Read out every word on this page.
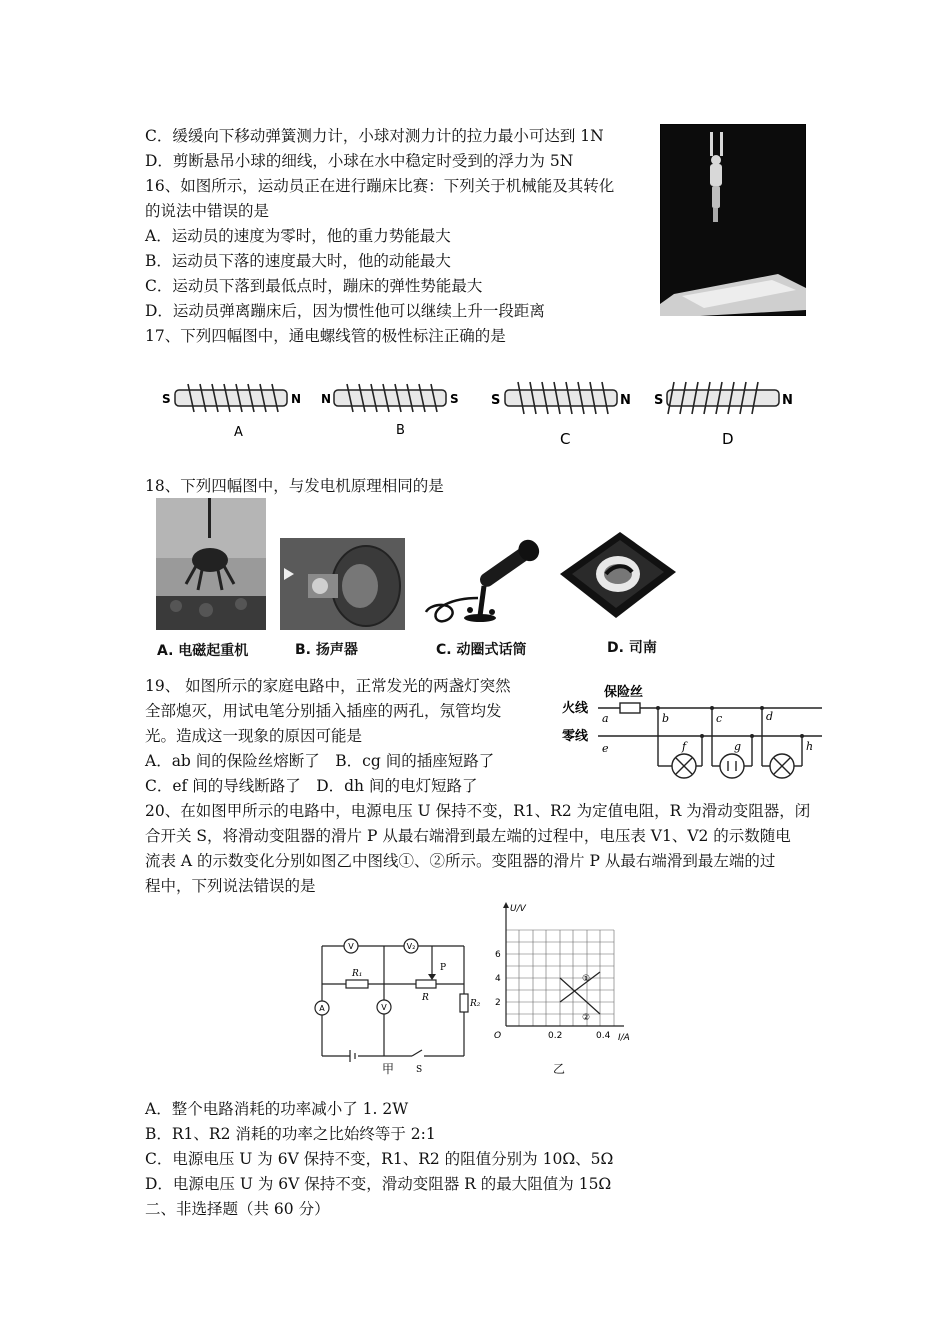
C．缓缓向下移动弹簧测力计，小球对测力计的拉力最小可达到 1N
D．剪断悬吊小球的细线，小球在水中稳定时受到的浮力为 5N
16、如图所示，运动员正在进行蹦床比赛：下列关于机械能及其转化
的说法中错误的是
A．运动员的速度为零时，他的重力势能最大
B．运动员下落的速度最大时，他的动能最大
C．运动员下落到最低点时，蹦床的弹性势能最大
D．运动员弹离蹦床后，因为惯性他可以继续上升一段距离
17、下列四幅图中，通电螺线管的极性标注正确的是
18、下列四幅图中，与发电机原理相同的是
19、 如图所示的家庭电路中，正常发光的两盏灯突然
全部熄灭，用试电笔分别插入插座的两孔，氖管均发
光。造成这一现象的原因可能是
A．ab 间的保险丝熔断了　B．cg 间的插座短路了
C．ef 间的导线断路了　D．dh 间的电灯短路了
20、在如图甲所示的电路中，电源电压 U 保持不变，R1、R2 为定值电阻，R 为滑动变阻器，闭
合开关 S，将滑动变阻器的滑片 P 从最右端滑到最左端的过程中，电压表 V1、V2 的示数随电
流表 A 的示数变化分别如图乙中图线①、②所示。变阻器的滑片 P 从最右端滑到最左端的过
程中，下列说法错误的是
A．整个电路消耗的功率减小了 1. 2W
B．R1、R2 消耗的功率之比始终等于 2:1
C．电源电压 U 为 6V 保持不变，R1、R2 的阻值分别为 10Ω、5Ω
D．电源电压 U 为 6V 保持不变，滑动变阻器 R 的最大阻值为 15Ω
二、非选择题（共 60 分）
S	N
A
N	S
B
S	N
C
S	N
D
A. 电磁起重机	B. 扬声器	C. 动圈式话筒	D. 司南
保险丝
火线
零线
a	b	c	d
e	f	g	h
V	V₂
A	V
R₁
R
P
R₂
S
甲
U/V
I/A
O
6
4
2
0.2	0.4
①
②
乙
